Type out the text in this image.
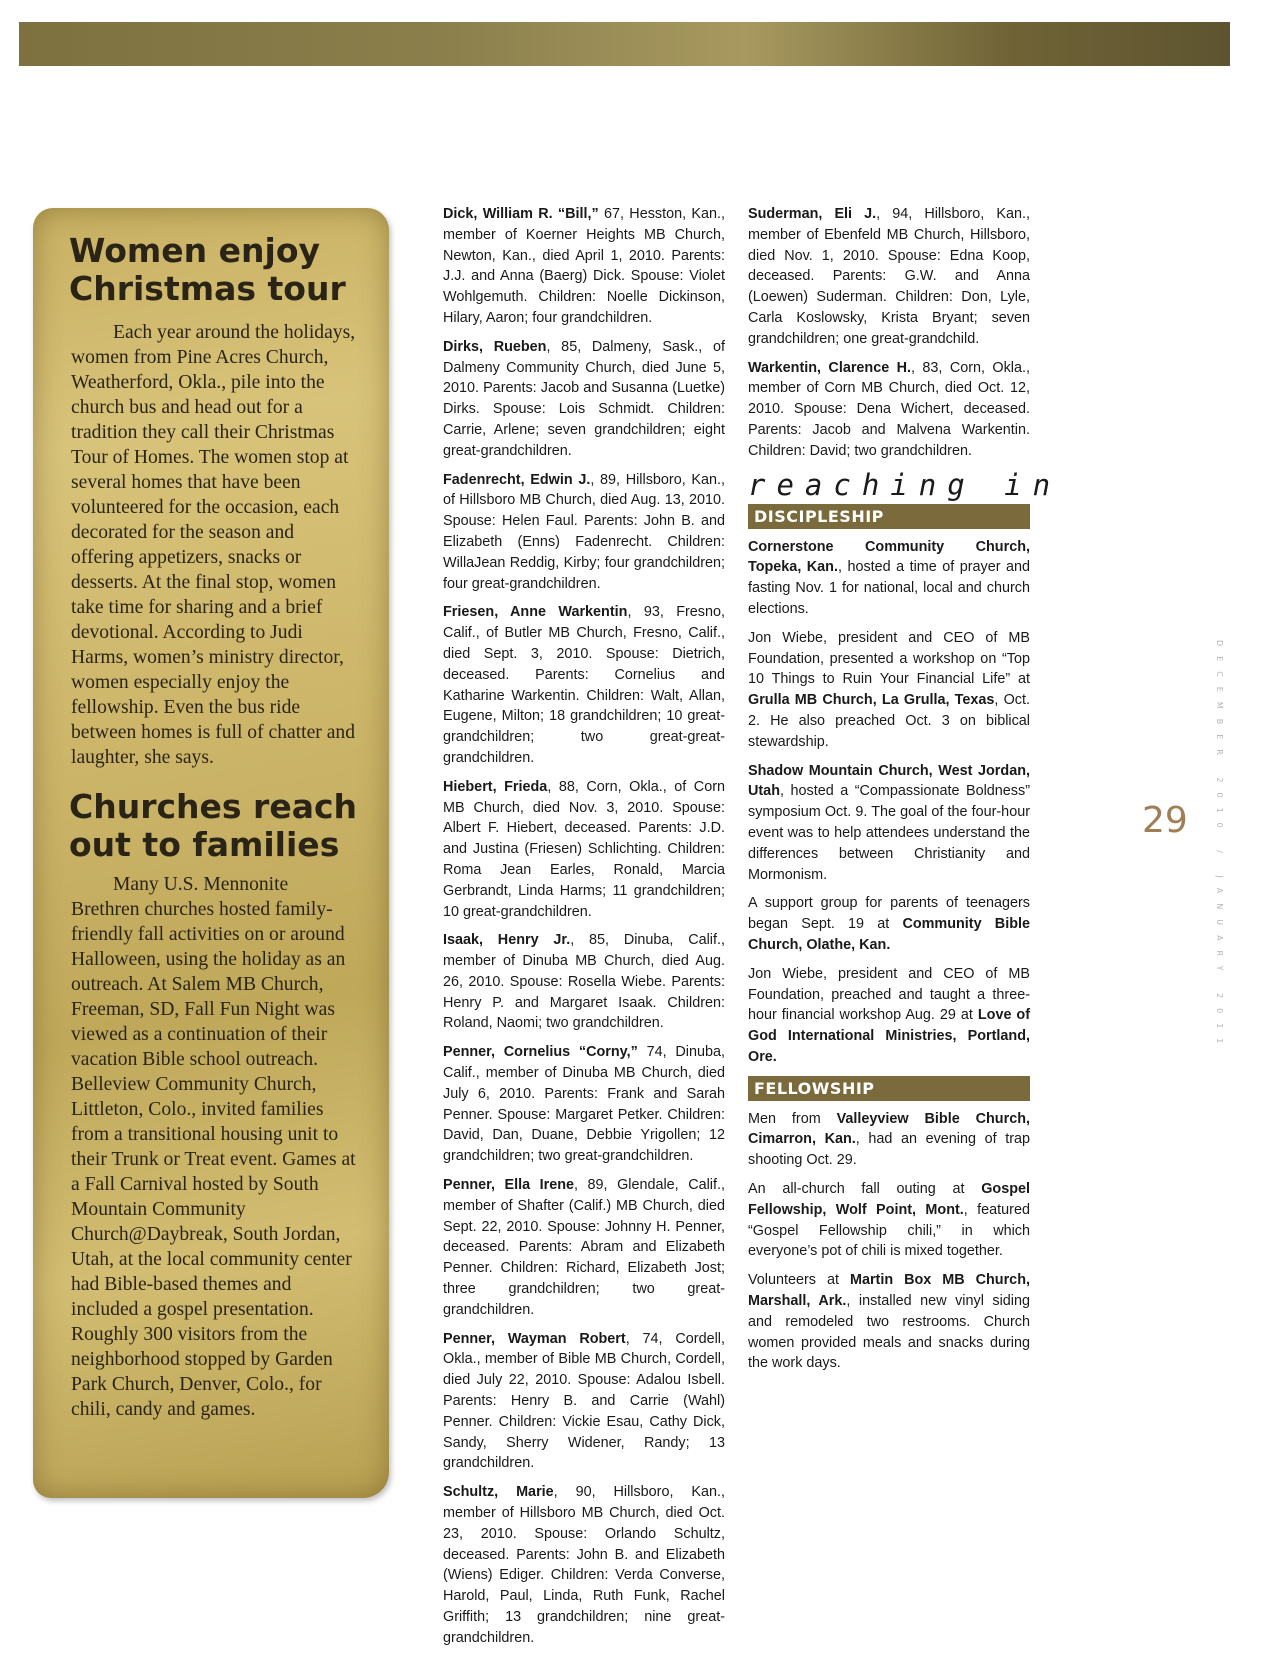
Women enjoy
Christmas tour

Each year around the holidays, women from Pine Acres Church, Weatherford, Okla., pile into the church bus and head out for a tradition they call their Christmas Tour of Homes. The women stop at several homes that have been volunteered for the occasion, each decorated for the season and offering appetizers, snacks or desserts. At the final stop, women take time for sharing and a brief devotional. According to Judi Harms, women’s ministry director, women especially enjoy the fellowship. Even the bus ride between homes is full of chatter and laughter, she says.

Churches reach
out to families

Many U.S. Mennonite Brethren churches hosted family-friendly fall activities on or around Halloween, using the holiday as an outreach. At Salem MB Church, Freeman, SD, Fall Fun Night was viewed as a continuation of their vacation Bible school outreach. Belleview Community Church, Littleton, Colo., invited families from a transitional housing unit to their Trunk or Treat event. Games at a Fall Carnival hosted by South Mountain Community Church@Daybreak, South Jordan, Utah, at the local community center had Bible-based themes and included a gospel presentation. Roughly 300 visitors from the neighborhood stopped by Garden Park Church, Denver, Colo., for chili, candy and games.

Dick, William R. “Bill,” 67, Hesston, Kan., member of Koerner Heights MB Church, Newton, Kan., died April 1, 2010. Parents: J.J. and Anna (Baerg) Dick. Spouse: Violet Wohlgemuth. Children: Noelle Dickinson, Hilary, Aaron; four grandchildren.

Dirks, Rueben, 85, Dalmeny, Sask., of Dalmeny Community Church, died June 5, 2010. Parents: Jacob and Susanna (Luetke) Dirks. Spouse: Lois Schmidt. Children: Carrie, Arlene; seven grandchildren; eight great-grandchildren.

Fadenrecht, Edwin J., 89, Hillsboro, Kan., of Hillsboro MB Church, died Aug. 13, 2010. Spouse: Helen Faul. Parents: John B. and Elizabeth (Enns) Fadenrecht. Children: WillaJean Reddig, Kirby; four grandchildren; four great-grandchildren.

Friesen, Anne Warkentin, 93, Fresno, Calif., of Butler MB Church, Fresno, Calif., died Sept. 3, 2010. Spouse: Dietrich, deceased. Parents: Cornelius and Katharine Warkentin. Children: Walt, Allan, Eugene, Milton; 18 grandchildren; 10 great-grandchildren; two great-great-grandchildren.

Hiebert, Frieda, 88, Corn, Okla., of Corn MB Church, died Nov. 3, 2010. Spouse: Albert F. Hiebert, deceased. Parents: J.D. and Justina (Friesen) Schlichting. Children: Roma Jean Earles, Ronald, Marcia Gerbrandt, Linda Harms; 11 grandchildren; 10 great-grandchildren.

Isaak, Henry Jr., 85, Dinuba, Calif., member of Dinuba MB Church, died Aug. 26, 2010. Spouse: Rosella Wiebe. Parents: Henry P. and Margaret Isaak. Children: Roland, Naomi; two grandchildren.

Penner, Cornelius “Corny,” 74, Dinuba, Calif., member of Dinuba MB Church, died July 6, 2010. Parents: Frank and Sarah Penner. Spouse: Margaret Petker. Children: David, Dan, Duane, Debbie Yrigollen; 12 grandchildren; two great-grandchildren.

Penner, Ella Irene, 89, Glendale, Calif., member of Shafter (Calif.) MB Church, died Sept. 22, 2010. Spouse: Johnny H. Penner, deceased. Parents: Abram and Elizabeth Penner. Children: Richard, Elizabeth Jost; three grandchildren; two great-grandchildren.

Penner, Wayman Robert, 74, Cordell, Okla., member of Bible MB Church, Cordell, died July 22, 2010. Spouse: Adalou Isbell. Parents: Henry B. and Carrie (Wahl) Penner. Children: Vickie Esau, Cathy Dick, Sandy, Sherry Widener, Randy; 13 grandchildren.

Schultz, Marie, 90, Hillsboro, Kan., member of Hillsboro MB Church, died Oct. 23, 2010. Spouse: Orlando Schultz, deceased. Parents: John B. and Elizabeth (Wiens) Ediger. Children: Verda Converse, Harold, Paul, Linda, Ruth Funk, Rachel Griffith; 13 grandchildren; nine great-grandchildren.

Suderman, Eli J., 94, Hillsboro, Kan., member of Ebenfeld MB Church, Hillsboro, died Nov. 1, 2010. Spouse: Edna Koop, deceased. Parents: G.W. and Anna (Loewen) Suderman. Children: Don, Lyle, Carla Koslowsky, Krista Bryant; seven grandchildren; one great-grandchild.

Warkentin, Clarence H., 83, Corn, Okla., member of Corn MB Church, died Oct. 12, 2010. Spouse: Dena Wichert, deceased. Parents: Jacob and Malvena Warkentin. Children: David; two grandchildren.

reaching in
DISCIPLESHIP

Cornerstone Community Church, Topeka, Kan., hosted a time of prayer and fasting Nov. 1 for national, local and church elections.

Jon Wiebe, president and CEO of MB Foundation, presented a workshop on “Top 10 Things to Ruin Your Financial Life” at Grulla MB Church, La Grulla, Texas, Oct. 2. He also preached Oct. 3 on biblical stewardship.

Shadow Mountain Church, West Jordan, Utah, hosted a “Compassionate Boldness” symposium Oct. 9. The goal of the four-hour event was to help attendees understand the differences between Christianity and Mormonism.

A support group for parents of teenagers began Sept. 19 at Community Bible Church, Olathe, Kan.

Jon Wiebe, president and CEO of MB Foundation, preached and taught a three-hour financial workshop Aug. 29 at Love of God International Ministries, Portland, Ore.

FELLOWSHIP

Men from Valleyview Bible Church, Cimarron, Kan., had an evening of trap shooting Oct. 29.

An all-church fall outing at Gospel Fellowship, Wolf Point, Mont., featured “Gospel Fellowship chili,” in which everyone’s pot of chili is mixed together.

Volunteers at Martin Box MB Church, Marshall, Ark., installed new vinyl siding and remodeled two restrooms. Church women provided meals and snacks during the work days.

29	DECEMBER 2010 / JANUARY 2011
